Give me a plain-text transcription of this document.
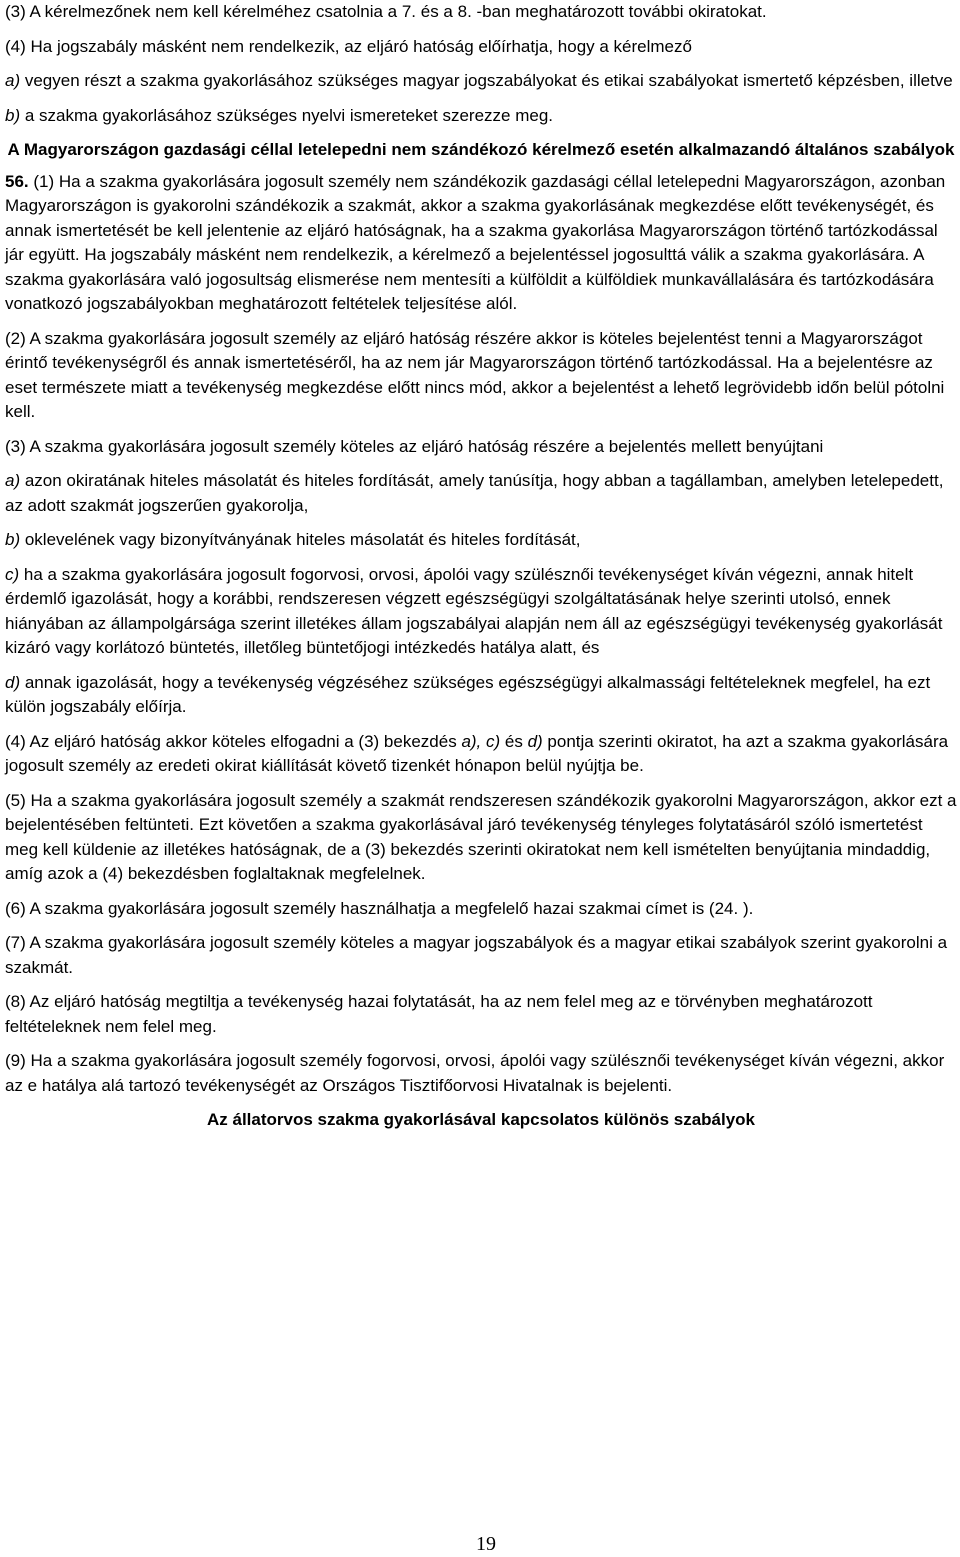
(3) A kérelmezőnek nem kell kérelméhez csatolnia a 7. és a 8. -ban meghatározott további okiratokat.

(4) Ha jogszabály másként nem rendelkezik, az eljáró hatóság előírhatja, hogy a kérelmező

a) vegyen részt a szakma gyakorlásához szükséges magyar jogszabályokat és etikai szabályokat ismertető képzésben, illetve

b) a szakma gyakorlásához szükséges nyelvi ismereteket szerezze meg.

A Magyarországon gazdasági céllal letelepedni nem szándékozó kérelmező esetén alkalmazandó általános szabályok

56. (1) Ha a szakma gyakorlására jogosult személy nem szándékozik gazdasági céllal letelepedni Magyarországon, azonban Magyarországon is gyakorolni szándékozik a szakmát, akkor a szakma gyakorlásának megkezdése előtt tevékenységét, és annak ismertetését be kell jelentenie az eljáró hatóságnak, ha a szakma gyakorlása Magyarországon történő tartózkodással jár együtt. Ha jogszabály másként nem rendelkezik, a kérelmező a bejelentéssel jogosulttá válik a szakma gyakorlására. A szakma gyakorlására való jogosultság elismerése nem mentesíti a külföldit a külföldiek munkavállalására és tartózkodására vonatkozó jogszabályokban meghatározott feltételek teljesítése alól.

(2) A szakma gyakorlására jogosult személy az eljáró hatóság részére akkor is köteles bejelentést tenni a Magyarországot érintő tevékenységről és annak ismertetéséről, ha az nem jár Magyarországon történő tartózkodással. Ha a bejelentésre az eset természete miatt a tevékenység megkezdése előtt nincs mód, akkor a bejelentést a lehető legrövidebb időn belül pótolni kell.

(3) A szakma gyakorlására jogosult személy köteles az eljáró hatóság részére a bejelentés mellett benyújtani

a) azon okiratának hiteles másolatát és hiteles fordítását, amely tanúsítja, hogy abban a tagállamban, amelyben letelepedett, az adott szakmát jogszerűen gyakorolja,

b) oklevelének vagy bizonyítványának hiteles másolatát és hiteles fordítását,

c) ha a szakma gyakorlására jogosult fogorvosi, orvosi, ápolói vagy szülésznői tevékenységet kíván végezni, annak hitelt érdemlő igazolását, hogy a korábbi, rendszeresen végzett egészségügyi szolgáltatásának helye szerinti utolsó, ennek hiányában az állampolgársága szerint illetékes állam jogszabályai alapján nem áll az egészségügyi tevékenység gyakorlását kizáró vagy korlátozó büntetés, illetőleg büntetőjogi intézkedés hatálya alatt, és

d) annak igazolását, hogy a tevékenység végzéséhez szükséges egészségügyi alkalmassági feltételeknek megfelel, ha ezt külön jogszabály előírja.

(4) Az eljáró hatóság akkor köteles elfogadni a (3) bekezdés a), c) és d) pontja szerinti okiratot, ha azt a szakma gyakorlására jogosult személy az eredeti okirat kiállítását követő tizenkét hónapon belül nyújtja be.

(5) Ha a szakma gyakorlására jogosult személy a szakmát rendszeresen szándékozik gyakorolni Magyarországon, akkor ezt a bejelentésében feltünteti. Ezt követően a szakma gyakorlásával járó tevékenység tényleges folytatásáról szóló ismertetést meg kell küldenie az illetékes hatóságnak, de a (3) bekezdés szerinti okiratokat nem kell ismételten benyújtania mindaddig, amíg azok a (4) bekezdésben foglaltaknak megfelelnek.

(6) A szakma gyakorlására jogosult személy használhatja a megfelelő hazai szakmai címet is (24. ).

(7) A szakma gyakorlására jogosult személy köteles a magyar jogszabályok és a magyar etikai szabályok szerint gyakorolni a szakmát.

(8) Az eljáró hatóság megtiltja a tevékenység hazai folytatását, ha az nem felel meg az e törvényben meghatározott feltételeknek nem felel meg.

(9) Ha a szakma gyakorlására jogosult személy fogorvosi, orvosi, ápolói vagy szülésznői tevékenységet kíván végezni, akkor az e hatálya alá tartozó tevékenységét az Országos Tisztifőorvosi Hivatalnak is bejelenti.

Az állatorvos szakma gyakorlásával kapcsolatos különös szabályok

19
